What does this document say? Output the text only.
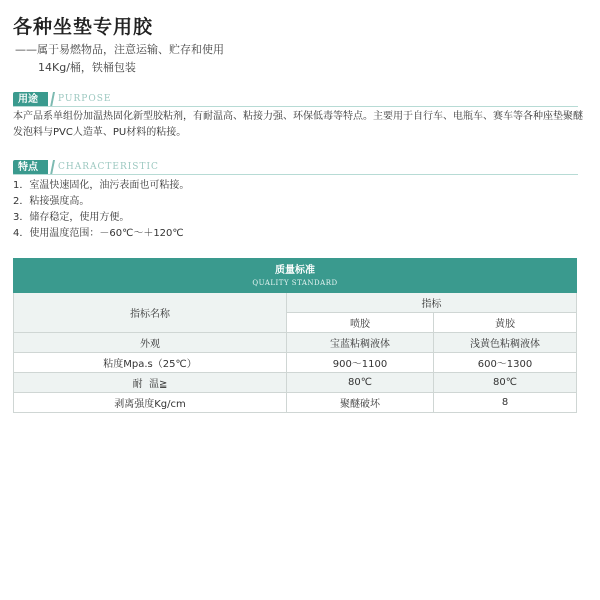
各种坐垫专用胶
——属于易燃物品，注意运输、贮存和使用
14Kg/桶，铁桶包装
用途	PURPOSE
本产品系单组份加温热固化新型胶粘剂，有耐温高、粘接力强、环保低毒等特点。主要用于自行车、电瓶车、赛车等各种座垫聚醚发泡料与PVC人造革、PU材料的粘接。
特点	CHARACTERISTIC
1．室温快速固化，油污表面也可粘接。
2．粘接强度高。
3．储存稳定，使用方便。
4．使用温度范围：－60℃～＋120℃
质量标准
QUALITY STANDARD		

指标名称	指标	
	喷胶	黄胶
外观	宝蓝粘稠液体	浅黄色粘稠液体
粘度Mpa.s（25℃）	900～1100	600～1300
耐  温≧	80℃	80℃
剥离强度Kg/cm	聚醚破坏	8
